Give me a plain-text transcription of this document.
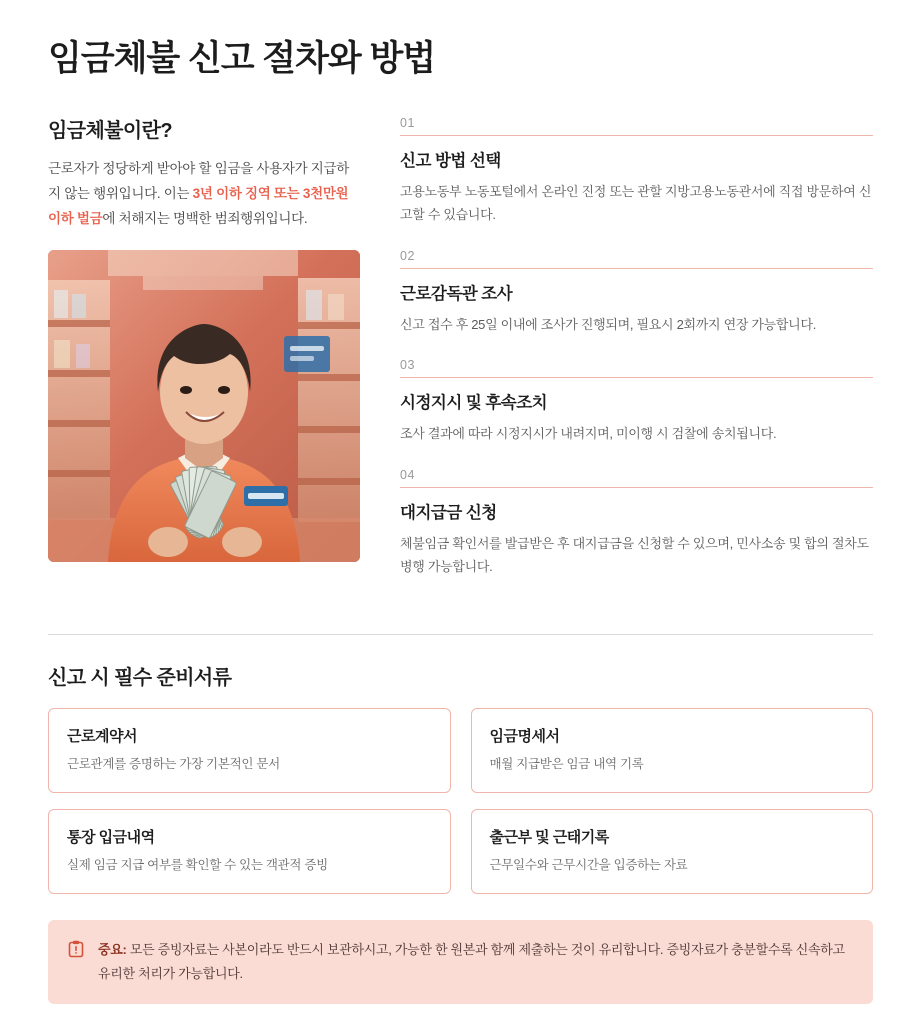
임금체불 신고 절차와 방법
임금체불이란?

근로자가 정당하게 받아야 할 임금을 사용자가 지급하지 않는 행위입니다. 이는 3년 이하 징역 또는 3천만원 이하 벌금에 처해지는 명백한 범죄행위입니다.

01
신고 방법 선택

고용노동부 노동포털에서 온라인 진정 또는 관할 지방고용노동관서에 직접 방문하여 신고할 수 있습니다.

02
근로감독관 조사

신고 접수 후 25일 이내에 조사가 진행되며, 필요시 2회까지 연장 가능합니다.

03
시정지시 및 후속조치

조사 결과에 따라 시정지시가 내려지며, 미이행 시 검찰에 송치됩니다.

04
대지급금 신청

체불임금 확인서를 발급받은 후 대지급금을 신청할 수 있으며, 민사소송 및 합의 절차도 병행 가능합니다.

신고 시 필수 준비서류
근로계약서

근로관계를 증명하는 가장 기본적인 문서

임금명세서

매월 지급받은 임금 내역 기록

통장 입금내역

실제 임금 지급 여부를 확인할 수 있는 객관적 증빙

출근부 및 근태기록

근무일수와 근무시간을 입증하는 자료

중요: 모든 증빙자료는 사본이라도 반드시 보관하시고, 가능한 한 원본과 함께 제출하는 것이 유리합니다. 증빙자료가 충분할수록 신속하고 유리한 처리가 가능합니다.
